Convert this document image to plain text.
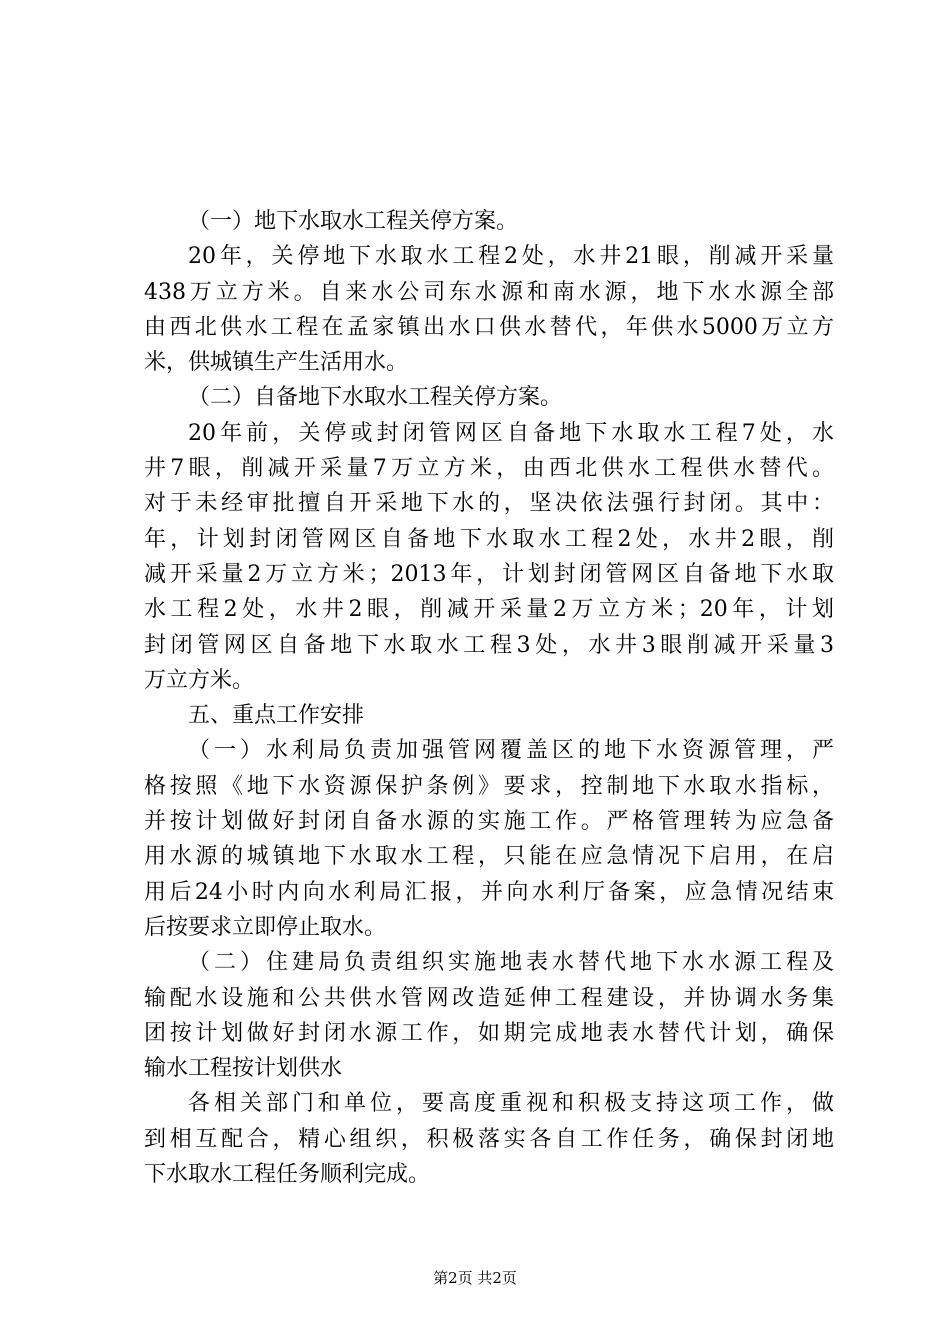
（一）地下水取水工程关停方案。
20年，关停地下水取水工程2处，水井21眼，削减开采量
438万立方米。自来水公司东水源和南水源，地下水水源全部
由西北供水工程在孟家镇出水口供水替代，年供水5000万立方
米，供城镇生产生活用水。
（二）自备地下水取水工程关停方案。
20年前，关停或封闭管网区自备地下水取水工程7处，水
井7眼，削减开采量7万立方米，由西北供水工程供水替代。
对于未经审批擅自开采地下水的，坚决依法强行封闭。其中：
年，计划封闭管网区自备地下水取水工程2处，水井2眼，削
减开采量2万立方米；2013年，计划封闭管网区自备地下水取
水工程2处，水井2眼，削减开采量2万立方米；20年，计划
封闭管网区自备地下水取水工程3处，水井3眼削减开采量3
万立方米。
五、重点工作安排
（一）水利局负责加强管网覆盖区的地下水资源管理，严
格按照《地下水资源保护条例》要求，控制地下水取水指标，
并按计划做好封闭自备水源的实施工作。严格管理转为应急备
用水源的城镇地下水取水工程，只能在应急情况下启用，在启
用后24小时内向水利局汇报，并向水利厅备案，应急情况结束
后按要求立即停止取水。
（二）住建局负责组织实施地表水替代地下水水源工程及
输配水设施和公共供水管网改造延伸工程建设，并协调水务集
团按计划做好封闭水源工作，如期完成地表水替代计划，确保
输水工程按计划供水
各相关部门和单位，要高度重视和积极支持这项工作，做
到相互配合，精心组织，积极落实各自工作任务，确保封闭地
下水取水工程任务顺利完成。
第2页 共2页
